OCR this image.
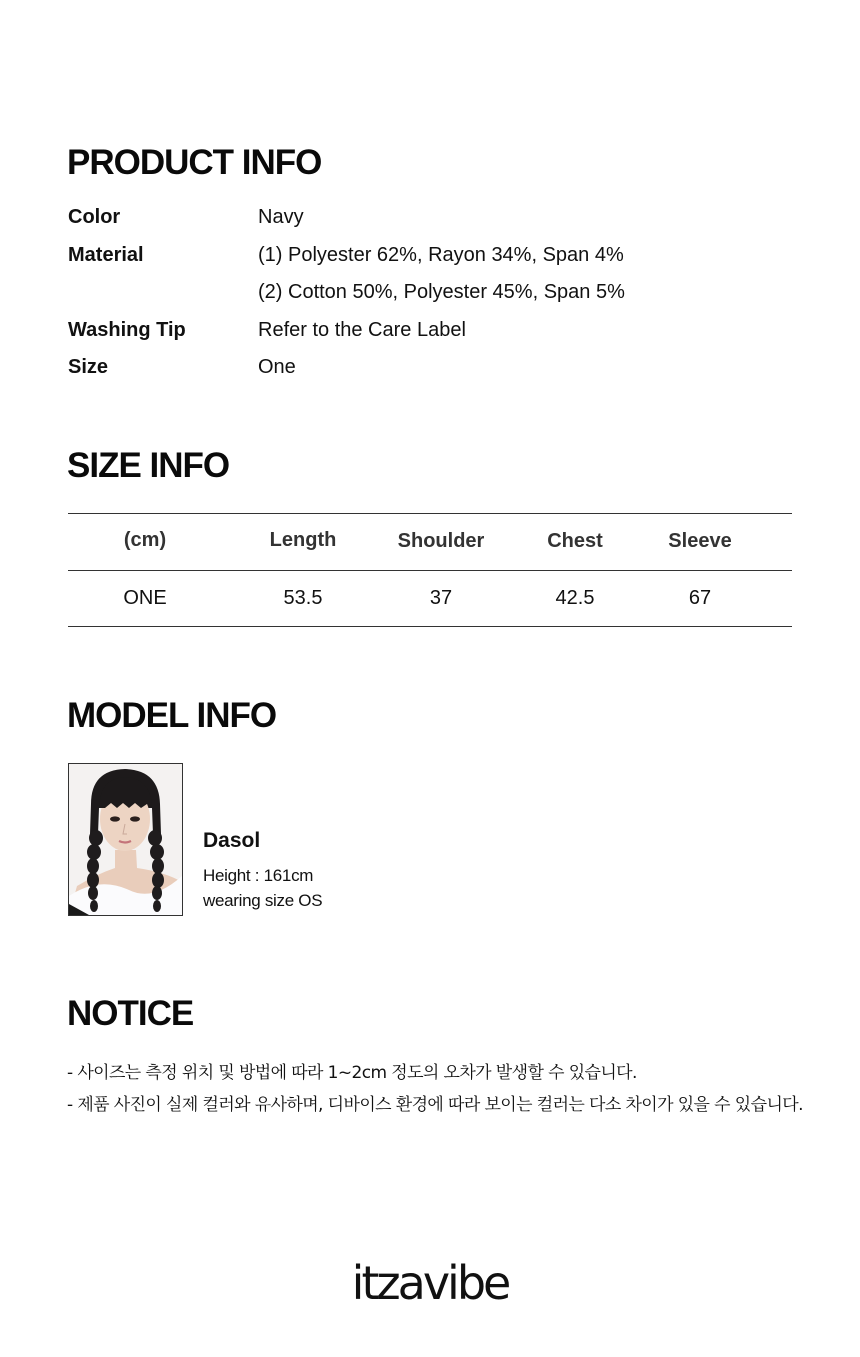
PRODUCT INFO
Color	Navy
Material	(1) Polyester 62%, Rayon 34%, Span 4%
(2) Cotton 50%, Polyester 45%, Span 5%
Washing Tip	Refer to the Care Label
Size	One
SIZE INFO
(cm)	Length	Shoulder	Chest	Sleeve
ONE	53.5	37	42.5	67
MODEL INFO
Dasol
Height : 161cm
wearing size OS
NOTICE
- 사이즈는 측정 위치 및 방법에 따라 1~2cm 정도의 오차가 발생할 수 있습니다.
- 제품 사진이 실제 컬러와 유사하며, 디바이스 환경에 따라 보이는 컬러는 다소 차이가 있을 수 있습니다.
itzavibe
